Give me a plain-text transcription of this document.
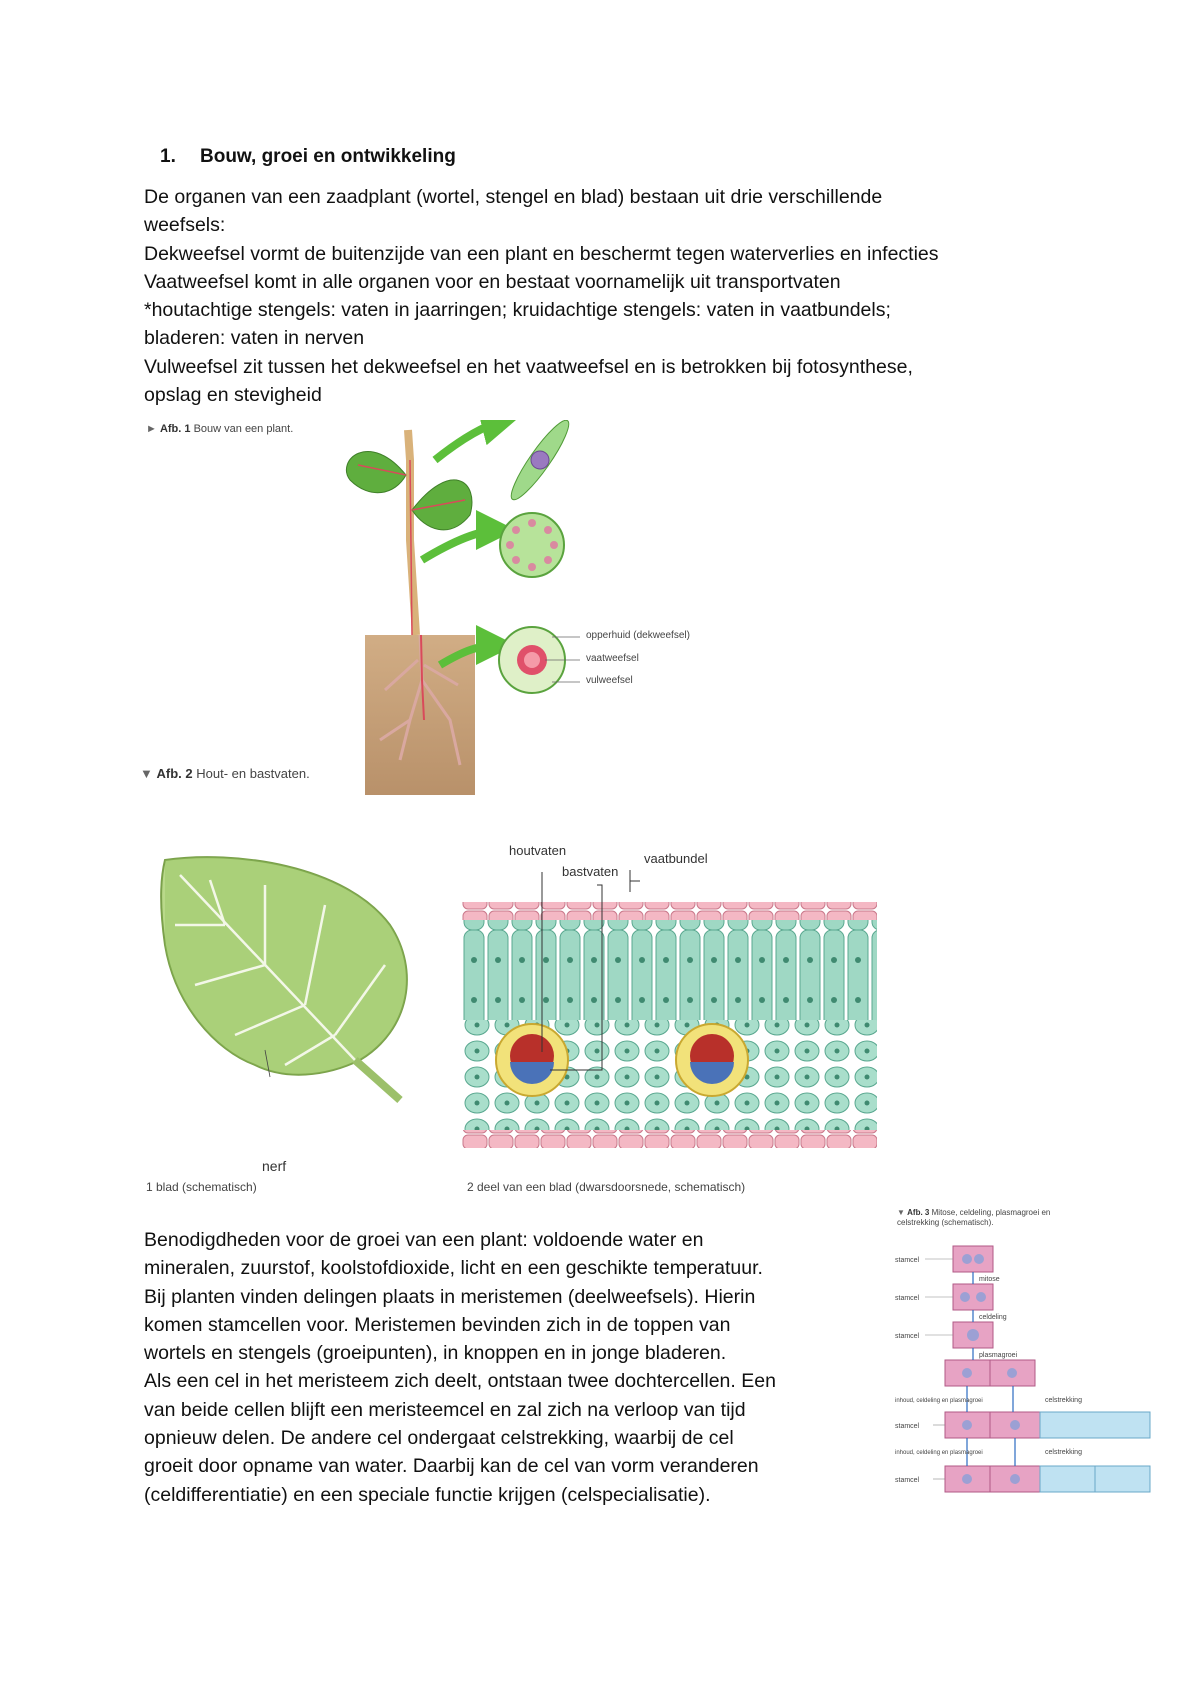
1. Bouw, groei en ontwikkeling

De organen van een zaadplant (wortel, stengel en blad) bestaan uit drie verschillende

weefsels:

Dekweefsel vormt de buitenzijde van een plant en beschermt tegen waterverlies en infecties

Vaatweefsel komt in alle organen voor en bestaat voornamelijk uit transportvaten

*houtachtige stengels: vaten in jaarringen; kruidachtige stengels: vaten in vaatbundels;

bladeren: vaten in nerven

Vulweefsel zit tussen het dekweefsel en het vaatweefsel en is betrokken bij fotosynthese,

opslag en stevigheid

► Afb. 1 Bouw van een plant.
opperhuid (dekweefsel)
vaatweefsel
vulweefsel
▼ Afb. 2 Hout- en bastvaten.
nerf
1 blad (schematisch)
houtvaten
bastvaten
vaatbundel
2 deel van een blad (dwarsdoorsnede, schematisch)
▼ Afb. 3 Mitose, celdeling, plasmagroei en celstrekking (schematisch).
stamcel
stamcel
stamcel
inhoud, celdeling en plasmagroei
stamcel
inhoud, celdeling en plasmagroei
stamcel
mitose
celdeling
plasmagroei
celstrekking
celstrekking

Benodigdheden voor de groei van een plant: voldoende water en

mineralen, zuurstof, koolstofdioxide, licht en een geschikte temperatuur.

Bij planten vinden delingen plaats in meristemen (deelweefsels). Hierin

komen stamcellen voor. Meristemen bevinden zich in de toppen van

wortels en stengels (groeipunten), in knoppen en in jonge bladeren.

Als een cel in het meristeem zich deelt, ontstaan twee dochtercellen. Een

van beide cellen blijft een meristeemcel en zal zich na verloop van tijd

opnieuw delen. De andere cel ondergaat celstrekking, waarbij de cel

groeit door opname van water. Daarbij kan de cel van vorm veranderen

(celdifferentiatie) en een speciale functie krijgen (celspecialisatie).
